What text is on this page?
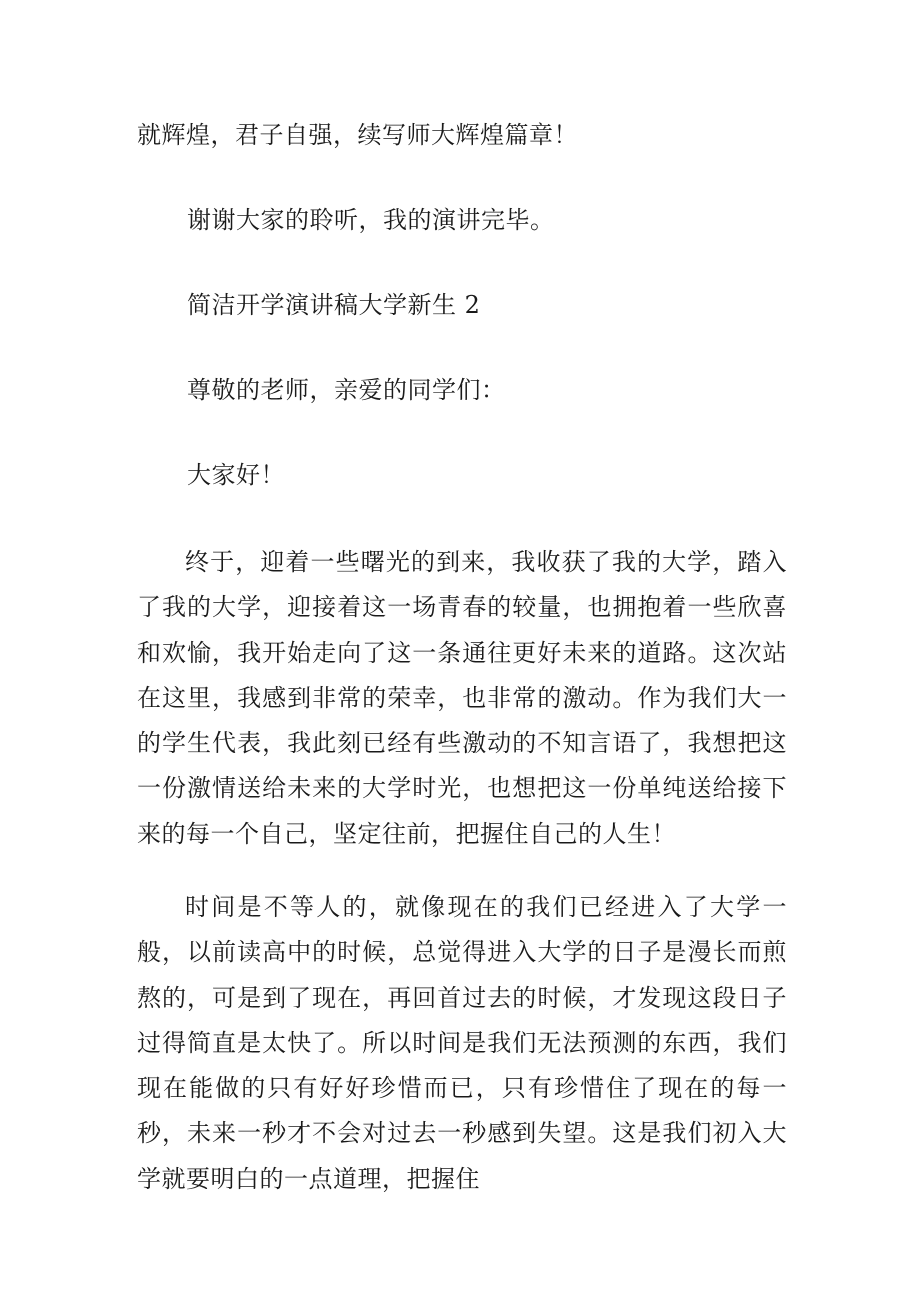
就辉煌，君子自强，续写师大辉煌篇章！

谢谢大家的聆听，我的演讲完毕。

简洁开学演讲稿大学新生 2

尊敬的老师，亲爱的同学们：

大家好！

终于，迎着一些曙光的到来，我收获了我的大学，踏入了我的大学，迎接着这一场青春的较量，也拥抱着一些欣喜和欢愉，我开始走向了这一条通往更好未来的道路。这次站在这里，我感到非常的荣幸，也非常的激动。作为我们大一的学生代表，我此刻已经有些激动的不知言语了，我想把这一份激情送给未来的大学时光，也想把这一份单纯送给接下来的每一个自己，坚定往前，把握住自己的人生！

时间是不等人的，就像现在的我们已经进入了大学一般，以前读高中的时候，总觉得进入大学的日子是漫长而煎熬的，可是到了现在，再回首过去的时候，才发现这段日子过得简直是太快了。所以时间是我们无法预测的东西，我们现在能做的只有好好珍惜而已，只有珍惜住了现在的每一秒，未来一秒才不会对过去一秒感到失望。这是我们初入大学就要明白的一点道理，把握住
